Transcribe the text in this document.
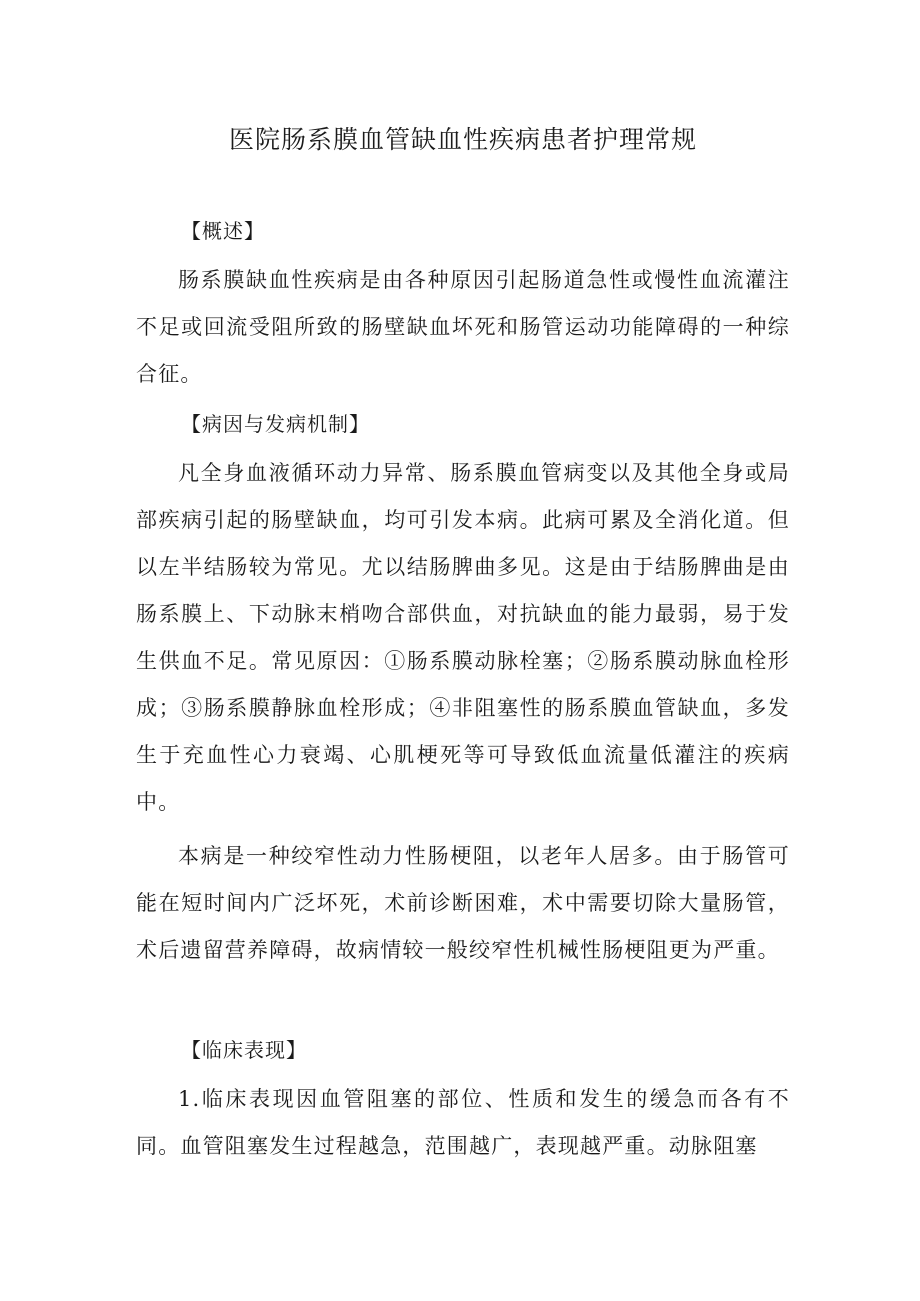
医院肠系膜血管缺血性疾病患者护理常规
【概述】

肠系膜缺血性疾病是由各种原因引起肠道急性或慢性血流灌注不足或回流受阻所致的肠壁缺血坏死和肠管运动功能障碍的一种综合征。

【病因与发病机制】

凡全身血液循环动力异常、肠系膜血管病变以及其他全身或局部疾病引起的肠壁缺血，均可引发本病。此病可累及全消化道。但以左半结肠较为常见。尤以结肠脾曲多见。这是由于结肠脾曲是由肠系膜上、下动脉末梢吻合部供血，对抗缺血的能力最弱，易于发生供血不足。常见原因：①肠系膜动脉栓塞；②肠系膜动脉血栓形成；③肠系膜静脉血栓形成；④非阻塞性的肠系膜血管缺血，多发生于充血性心力衰竭、心肌梗死等可导致低血流量低灌注的疾病中。

本病是一种绞窄性动力性肠梗阻，以老年人居多。由于肠管可能在短时间内广泛坏死，术前诊断困难，术中需要切除大量肠管，术后遗留营养障碍，故病情较一般绞窄性机械性肠梗阻更为严重。

【临床表现】

1.临床表现因血管阻塞的部位、性质和发生的缓急而各有不同。血管阻塞发生过程越急，范围越广，表现越严重。动脉阻塞
